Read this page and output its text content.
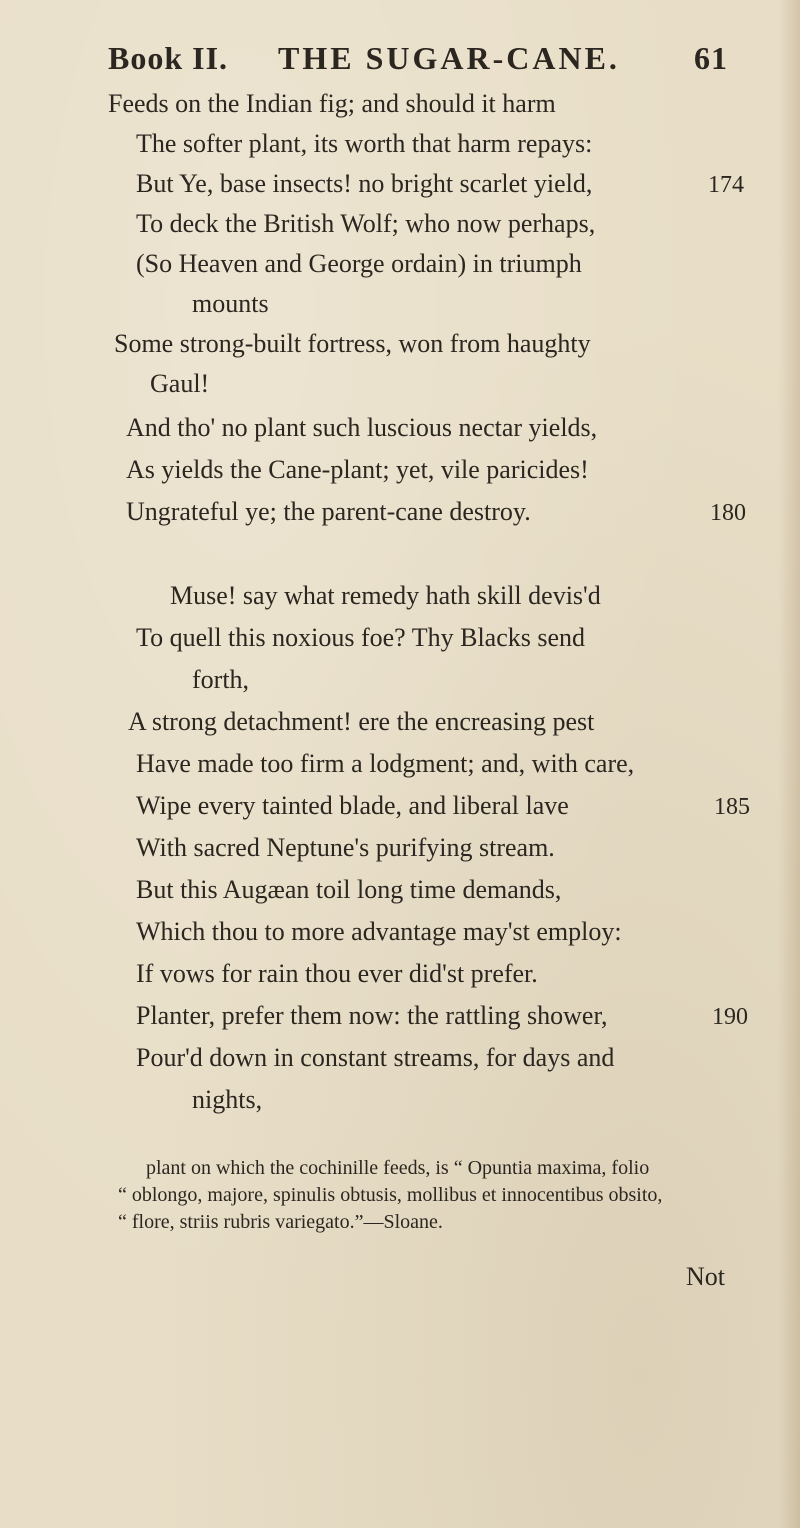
Book II. THE SUGAR-CANE. 61
Feeds on the Indian fig; and should it harm
The softer plant, its worth that harm repays:
But Ye, base insects! no bright scarlet yield,
To deck the British Wolf; who now perhaps,
(So Heaven and George ordain) in triumph
mounts
Some strong-built fortress, won from haughty
Gaul!
And tho' no plant such luscious nectar yields,
As yields the Cane-plant; yet, vile paricides!
Ungrateful ye; the parent-cane destroy.
Muse! say what remedy hath skill devis'd
To quell this noxious foe? Thy Blacks send
forth,
A strong detachment! ere the encreasing pest
Have made too firm a lodgment; and, with care,
Wipe every tainted blade, and liberal lave
With sacred Neptune's purifying stream.
But this Augæan toil long time demands,
Which thou to more advantage may'st employ:
If vows for rain thou ever did'st prefer.
Planter, prefer them now: the rattling shower,
Pour'd down in constant streams, for days and
nights,
174
180
185
190
plant on which the cochinille feeds, is “ Opuntia maxima, folio
“ oblongo, majore, spinulis obtusis, mollibus et innocentibus obsito,
“ flore, striis rubris variegato.”—Sloane.
Not
